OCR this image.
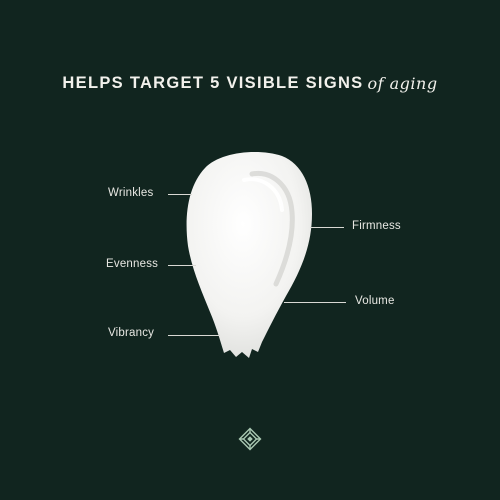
HELPS TARGET 5 VISIBLE SIGNS of aging
Wrinkles
Evenness
Vibrancy
Firmness
Volume
